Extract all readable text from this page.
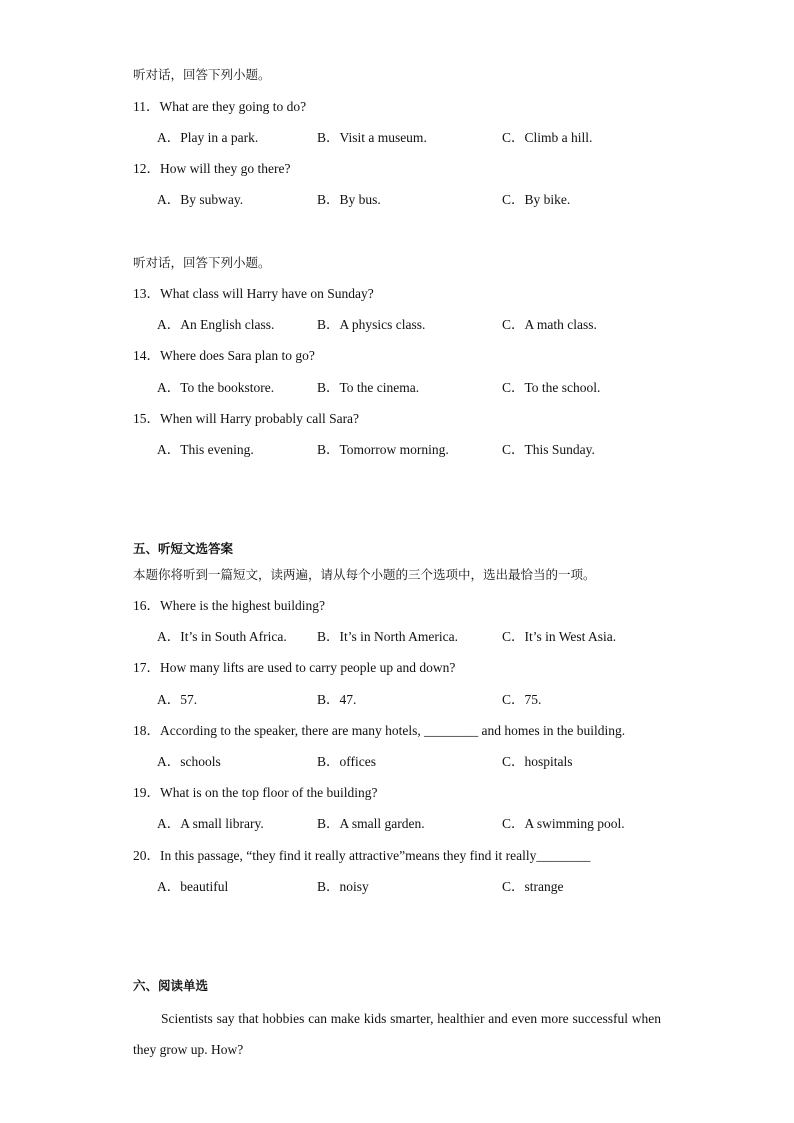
听对话，回答下列小题。
11．What are they going to do?
A．Play in a park.	B．Visit a museum.	C．Climb a hill.
12．How will they go there?
A．By subway.	B．By bus.	C．By bike.
听对话，回答下列小题。
13．What class will Harry have on Sunday?
A．An English class.	B．A physics class.	C．A math class.
14．Where does Sara plan to go?
A．To the bookstore.	B．To the cinema.	C．To the school.
15．When will Harry probably call Sara?
A．This evening.	B．Tomorrow morning.	C．This Sunday.
五、听短文选答案
本题你将听到一篇短文，读两遍，请从每个小题的三个选项中，选出最恰当的一项。
16．Where is the highest building?
A．It’s in South Africa. B．It’s in North America.	C．It’s in West Asia.
17．How many lifts are used to carry people up and down?
A．57.	B．47.	C．75.
18．According to the speaker, there are many hotels, ________ and homes in the building.
A．schools	B．offices	C．hospitals
19．What is on the top floor of the building?
A．A small library.	B．A small garden.	C．A swimming pool.
20．In this passage, “they find it really attractive”means they find it really________
A．beautiful	B．noisy	C．strange
六、阅读单选
Scientists say that hobbies can make kids smarter, healthier and even more successful when they grow up. How?
